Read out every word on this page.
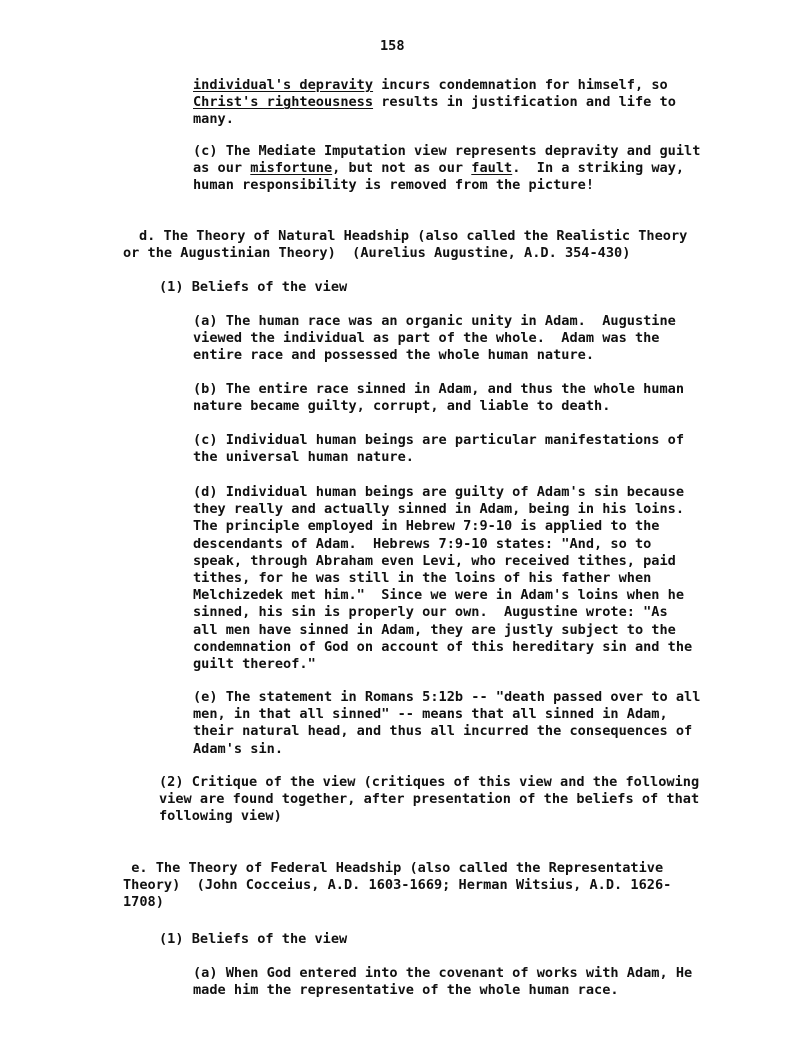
158
individual's depravity incurs condemnation for himself, so
Christ's righteousness results in justification and life to
many.
(c) The Mediate Imputation view represents depravity and guilt
as our misfortune, but not as our fault.  In a striking way,
human responsibility is removed from the picture!
d. The Theory of Natural Headship (also called the Realistic Theory
or the Augustinian Theory)  (Aurelius Augustine, A.D. 354-430)
(1) Beliefs of the view
(a) The human race was an organic unity in Adam.  Augustine
viewed the individual as part of the whole.  Adam was the
entire race and possessed the whole human nature.
(b) The entire race sinned in Adam, and thus the whole human
nature became guilty, corrupt, and liable to death.
(c) Individual human beings are particular manifestations of
the universal human nature.
(d) Individual human beings are guilty of Adam's sin because
they really and actually sinned in Adam, being in his loins.
The principle employed in Hebrew 7:9-10 is applied to the
descendants of Adam.  Hebrews 7:9-10 states: "And, so to
speak, through Abraham even Levi, who received tithes, paid
tithes, for he was still in the loins of his father when
Melchizedek met him."  Since we were in Adam's loins when he
sinned, his sin is properly our own.  Augustine wrote: "As
all men have sinned in Adam, they are justly subject to the
condemnation of God on account of this hereditary sin and the
guilt thereof."
(e) The statement in Romans 5:12b -- "death passed over to all
men, in that all sinned" -- means that all sinned in Adam,
their natural head, and thus all incurred the consequences of
Adam's sin.
(2) Critique of the view (critiques of this view and the following
view are found together, after presentation of the beliefs of that
following view)
e. The Theory of Federal Headship (also called the Representative
Theory)  (John Cocceius, A.D. 1603-1669; Herman Witsius, A.D. 1626-
1708)
(1) Beliefs of the view
(a) When God entered into the covenant of works with Adam, He
made him the representative of the whole human race.
